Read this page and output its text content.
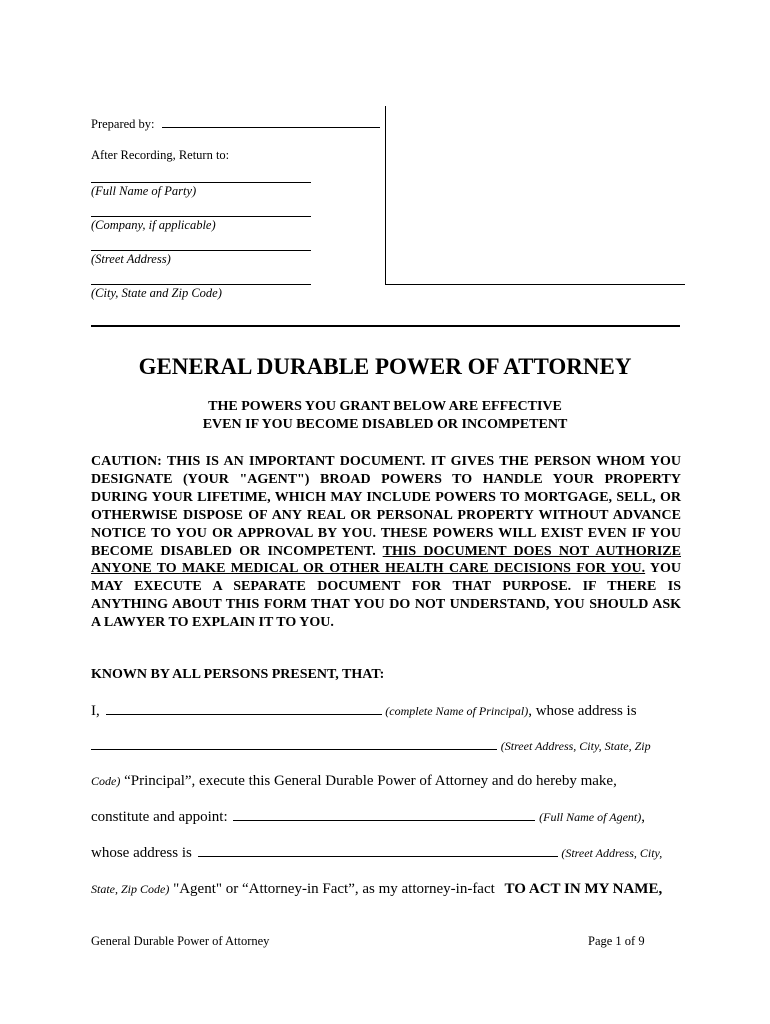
Prepared by:
After Recording, Return to:
(Full Name of Party)
(Company, if applicable)
(Street Address)
(City, State and Zip Code)
GENERAL DURABLE POWER OF ATTORNEY
THE POWERS YOU GRANT BELOW ARE EFFECTIVE
EVEN IF YOU BECOME DISABLED OR INCOMPETENT
CAUTION: THIS IS AN IMPORTANT DOCUMENT. IT GIVES THE PERSON WHOM YOU DESIGNATE (YOUR "AGENT") BROAD POWERS TO HANDLE YOUR PROPERTY DURING YOUR LIFETIME, WHICH MAY INCLUDE POWERS TO MORTGAGE, SELL, OR OTHERWISE DISPOSE OF ANY REAL OR PERSONAL PROPERTY WITHOUT ADVANCE NOTICE TO YOU OR APPROVAL BY YOU. THESE POWERS WILL EXIST EVEN IF YOU BECOME DISABLED OR INCOMPETENT. THIS DOCUMENT DOES NOT AUTHORIZE ANYONE TO MAKE MEDICAL OR OTHER HEALTH CARE DECISIONS FOR YOU. YOU MAY EXECUTE A SEPARATE DOCUMENT FOR THAT PURPOSE. IF THERE IS ANYTHING ABOUT THIS FORM THAT YOU DO NOT UNDERSTAND, YOU SHOULD ASK A LAWYER TO EXPLAIN IT TO YOU.
KNOWN BY ALL PERSONS PRESENT, THAT:
I,	(complete Name of Principal), whose address is
(Street Address, City, State, Zip
Code) “Principal”, execute this General Durable Power of Attorney and do hereby make,
constitute and appoint:	(Full Name of Agent),
whose address is	(Street Address, City,
State, Zip Code) "Agent" or “Attorney-in Fact”, as my attorney-in-fact TO ACT IN MY NAME,
General Durable Power of Attorney	Page 1 of 9
